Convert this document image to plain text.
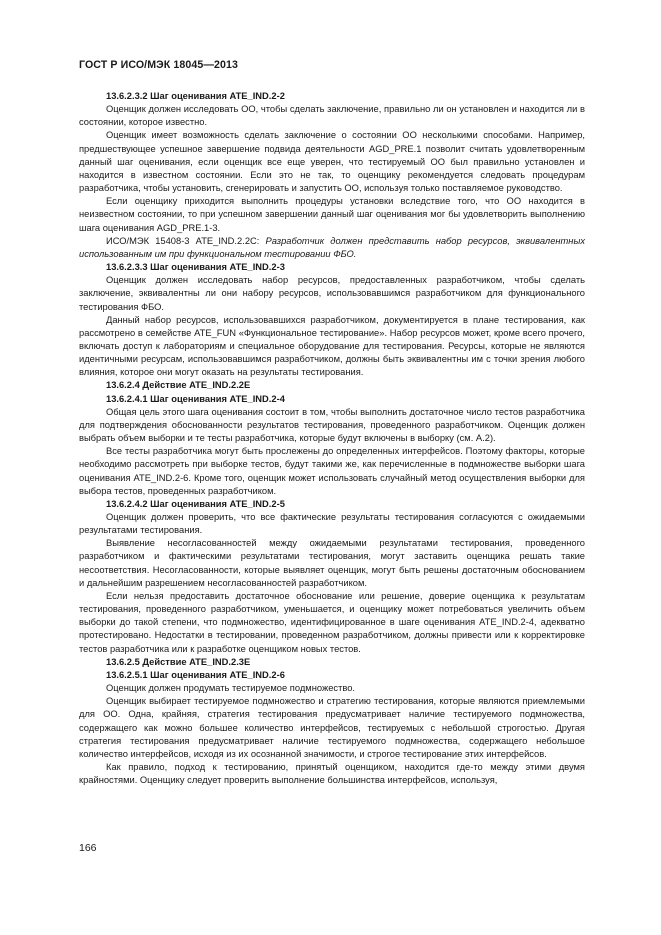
ГОСТ Р ИСО/МЭК 18045—2013

13.6.2.3.2 Шаг оценивания ATE_IND.2-2

Оценщик должен исследовать ОО, чтобы сделать заключение, правильно ли он установлен и находится ли в состоянии, которое известно.

Оценщик имеет возможность сделать заключение о состоянии ОО несколькими способами. Например, предшествующее успешное завершение подвида деятельности AGD_PRE.1 позволит считать удовлетворенным данный шаг оценивания, если оценщик все еще уверен, что тестируемый ОО был правильно установлен и находится в известном состоянии. Если это не так, то оценщику рекомендуется следовать процедурам разработчика, чтобы установить, сгенерировать и запустить ОО, используя только поставляемое руководство.

Если оценщику приходится выполнить процедуры установки вследствие того, что ОО находится в неизвестном состоянии, то при успешном завершении данный шаг оценивания мог бы удовлетворить выполнению шага оценивания AGD_PRE.1-3.

ИСО/МЭК 15408-3 ATE_IND.2.2C: Разработчик должен представить набор ресурсов, эквивалентных использованным им при функциональном тестировании ФБО.

13.6.2.3.3 Шаг оценивания ATE_IND.2-3

Оценщик должен исследовать набор ресурсов, предоставленных разработчиком, чтобы сделать заключение, эквивалентны ли они набору ресурсов, использовавшимся разработчиком для функционального тестирования ФБО.

Данный набор ресурсов, использовавшихся разработчиком, документируется в плане тестирования, как рассмотрено в семействе ATE_FUN «Функциональное тестирование». Набор ресурсов может, кроме всего прочего, включать доступ к лабораториям и специальное оборудование для тестирования. Ресурсы, которые не являются идентичными ресурсам, использовавшимся разработчиком, должны быть эквивалентны им с точки зрения любого влияния, которое они могут оказать на результаты тестирования.

13.6.2.4 Действие ATE_IND.2.2E

13.6.2.4.1 Шаг оценивания ATE_IND.2-4

Общая цель этого шага оценивания состоит в том, чтобы выполнить достаточное число тестов разработчика для подтверждения обоснованности результатов тестирования, проведенного разработчиком. Оценщик должен выбрать объем выборки и те тесты разработчика, которые будут включены в выборку (см. А.2).

Все тесты разработчика могут быть прослежены до определенных интерфейсов. Поэтому факторы, которые необходимо рассмотреть при выборке тестов, будут такими же, как перечисленные в подмножестве выборки шага оценивания ATE_IND.2-6. Кроме того, оценщик может использовать случайный метод осуществления выборки для выбора тестов, проведенных разработчиком.

13.6.2.4.2 Шаг оценивания ATE_IND.2-5

Оценщик должен проверить, что все фактические результаты тестирования согласуются с ожидаемыми результатами тестирования.

Выявление несогласованностей между ожидаемыми результатами тестирования, проведенного разработчиком и фактическими результатами тестирования, могут заставить оценщика решать такие несоответствия. Несогласованности, которые выявляет оценщик, могут быть решены достаточным обоснованием и дальнейшим разрешением несогласованностей разработчиком.

Если нельзя предоставить достаточное обоснование или решение, доверие оценщика к результатам тестирования, проведенного разработчиком, уменьшается, и оценщику может потребоваться увеличить объем выборки до такой степени, что подмножество, идентифицированное в шаге оценивания ATE_IND.2-4, адекватно протестировано. Недостатки в тестировании, проведенном разработчиком, должны привести или к корректировке тестов разработчика или к разработке оценщиком новых тестов.

13.6.2.5 Действие ATE_IND.2.3E

13.6.2.5.1 Шаг оценивания ATE_IND.2-6

Оценщик должен продумать тестируемое подмножество.

Оценщик выбирает тестируемое подмножество и стратегию тестирования, которые являются приемлемыми для ОО. Одна, крайняя, стратегия тестирования предусматривает наличие тестируемого подмножества, содержащего как можно большее количество интерфейсов, тестируемых с небольшой строгостью. Другая стратегия тестирования предусматривает наличие тестируемого подмножества, содержащего небольшое количество интерфейсов, исходя из их осознанной значимости, и строгое тестирование этих интерфейсов.

Как правило, подход к тестированию, принятый оценщиком, находится где-то между этими двумя крайностями. Оценщику следует проверить выполнение большинства интерфейсов, используя,

166
